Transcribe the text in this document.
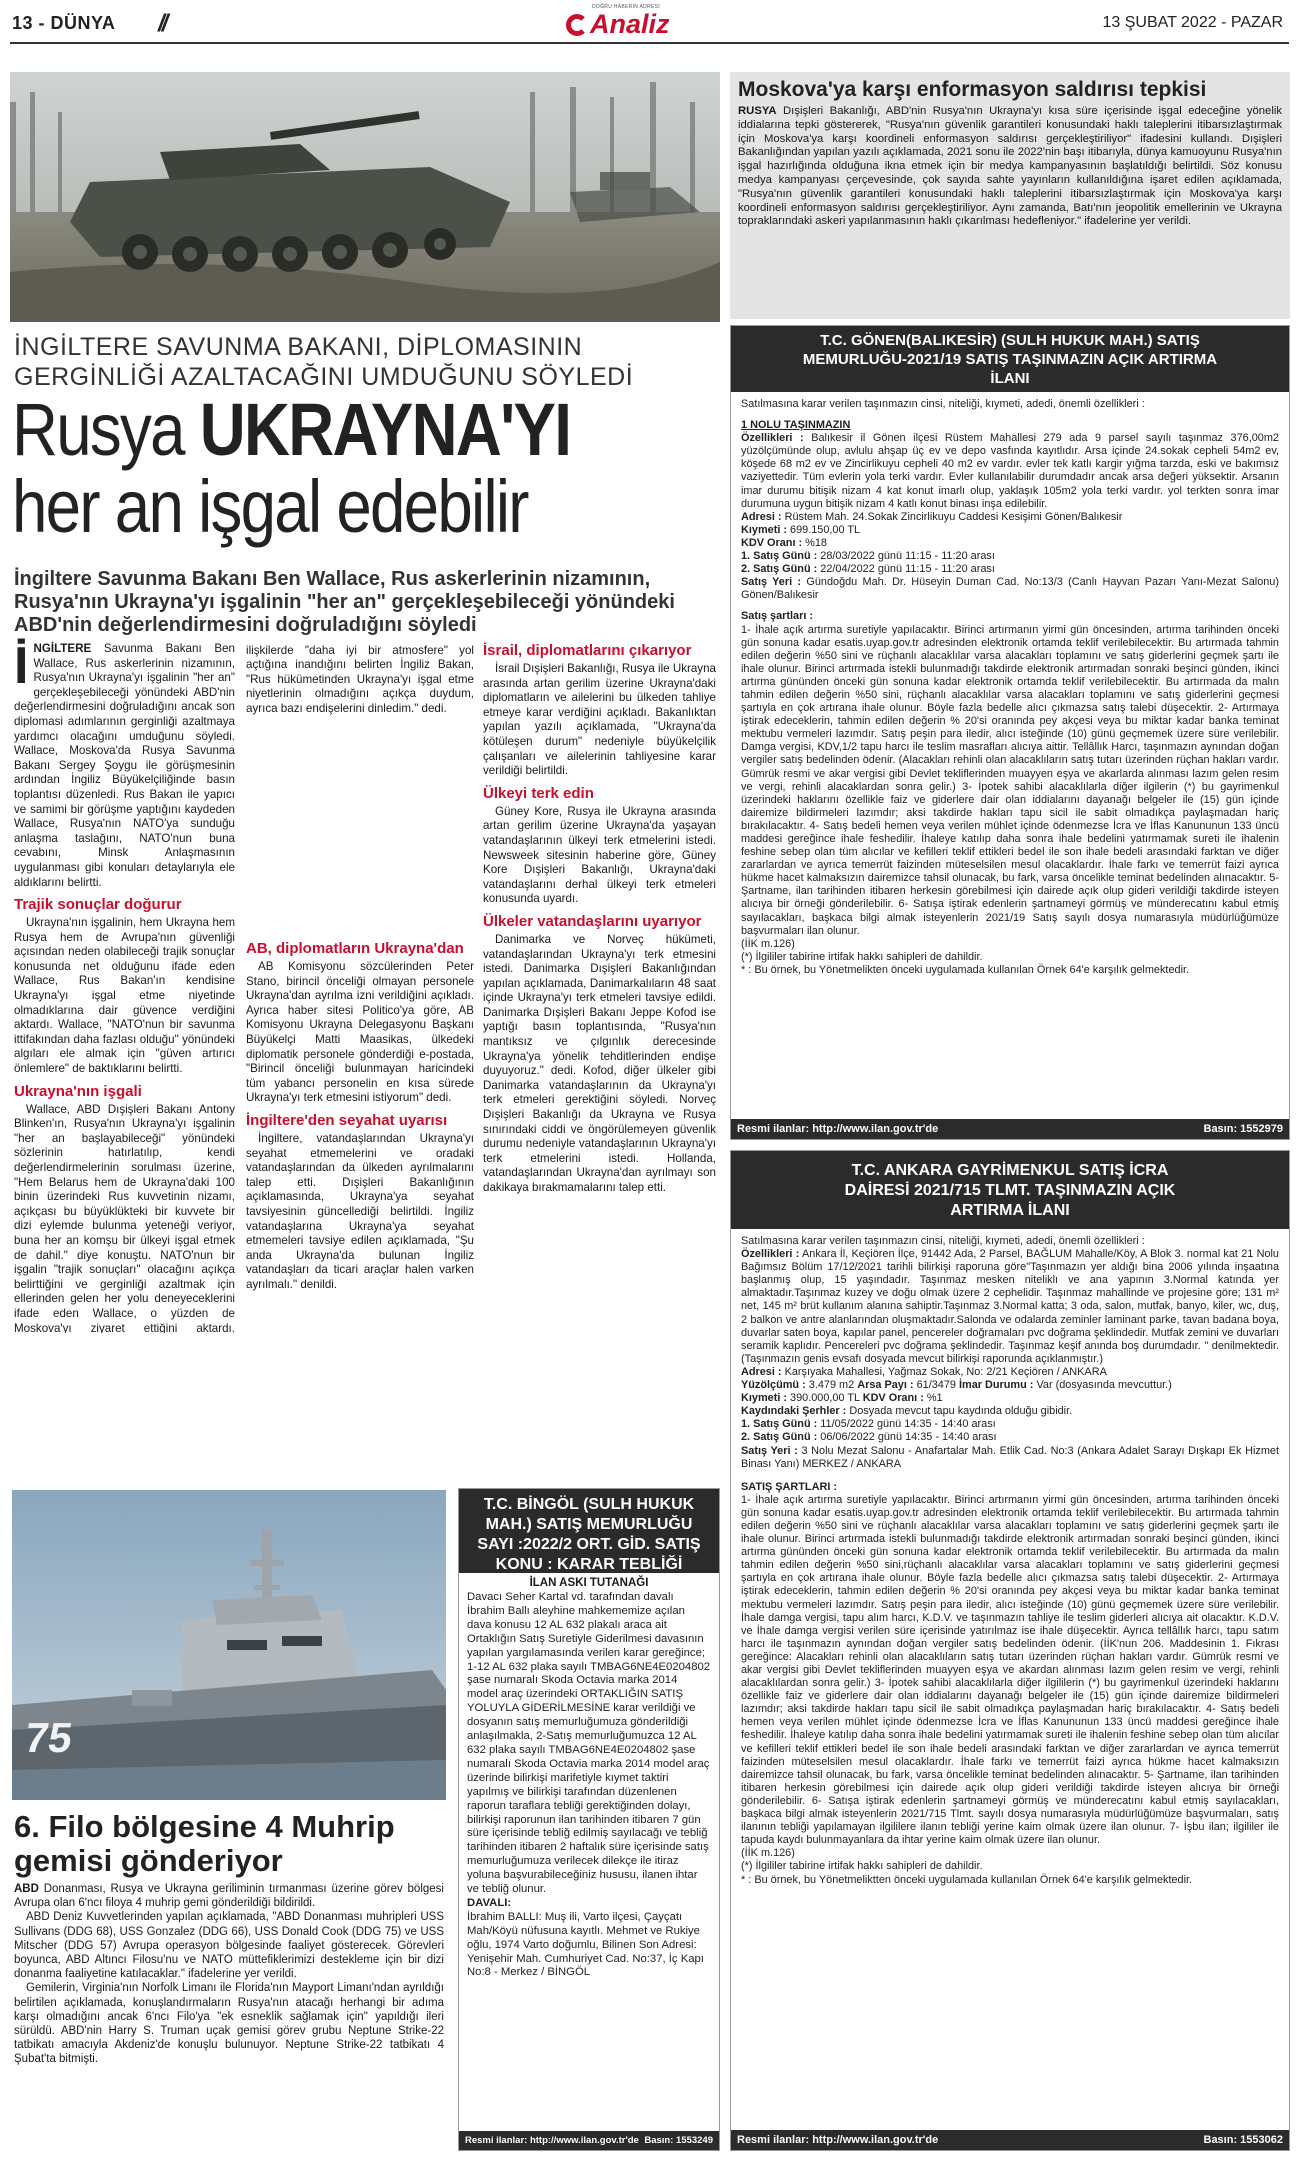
13 - DÜNYA //
DOĞRU HABERİN ADRESİ
Analiz	13 ŞUBAT 2022 - PAZAR
Moskova'ya karşı enformasyon saldırısı tepkisi

RUSYA Dışişleri Bakanlığı, ABD'nin Rusya'nın Ukrayna'yı kısa süre içerisinde işgal edeceğine yönelik iddialarına tepki göstererek, "Rusya'nın güvenlik garantileri konusundaki haklı taleplerini itibarsızlaştırmak için Moskova'ya karşı koordineli enformasyon saldırısı gerçekleştiriliyor" ifadesini kullandı. Dışişleri Bakanlığından yapılan yazılı açıklamada, 2021 sonu ile 2022'nin başı itibarıyla, dünya kamuoyunu Rusya'nın işgal hazırlığında olduğuna ikna etmek için bir medya kampanyasının başlatıldığı belirtildi. Söz konusu medya kampanyası çerçevesinde, çok sayıda sahte yayınların kullanıldığına işaret edilen açıklamada, "Rusya'nın güvenlik garantileri konusundaki haklı taleplerini itibarsızlaştırmak için Moskova'ya karşı koordineli enformasyon saldırısı gerçekleştiriliyor. Aynı zamanda, Batı'nın jeopolitik emellerinin ve Ukrayna topraklarındaki askeri yapılanmasının haklı çıkarılması hedefleniyor." ifadelerine yer verildi.

İNGİLTERE SAVUNMA BAKANI, DİPLOMASININ GERGİNLİĞİ AZALTACAĞINI UMDUĞUNU SÖYLEDİ
Rusya UKRAYNA'YI
her an işgal edebilir
İngiltere Savunma Bakanı Ben Wallace, Rus askerlerinin nizamının, Rusya'nın Ukrayna'yı işgalinin "her an" gerçekleşebileceği yönündeki ABD'nin değerlendirmesini doğruladığını söyledi

İNGİLTERE Savunma Bakanı Ben Wallace, Rus askerlerinin nizamının, Rusya'nın Ukrayna'yı işgalinin "her an" gerçekleşebileceği yönündeki ABD'nin değerlendirmesini doğruladığını ancak son diplomasi adımlarının gerginliği azaltmaya yardımcı olacağını umduğunu söyledi. Wallace, Moskova'da Rusya Savunma Bakanı Sergey Şoygu ile görüşmesinin ardından İngiliz Büyükelçiliğinde basın toplantısı düzenledi. Rus Bakan ile yapıcı ve samimi bir görüşme yaptığını kaydeden Wallace, Rusya'nın NATO'ya sunduğu anlaşma taslağını, NATO'nun buna cevabını, Minsk Anlaşmasının uygulanması gibi konuları detaylarıyla ele aldıklarını belirtti.

Trajik sonuçlar doğurur

Ukrayna'nın işgalinin, hem Ukrayna hem Rusya hem de Avrupa'nın güvenliği açısından neden olabileceği trajik sonuçlar konusunda net olduğunu ifade eden Wallace, Rus Bakan'ın kendisine Ukrayna'yı işgal etme niyetinde olmadıklarına dair güvence verdiğini aktardı. Wallace, "NATO'nun bir savunma ittifakından daha fazlası olduğu" yönündeki algıları ele almak için "güven artırıcı önlemlere" de baktıklarını belirtti.

Ukrayna'nın işgali

Wallace, ABD Dışişleri Bakanı Antony Blinken'ın, Rusya'nın Ukrayna'yı işgalinin "her an başlayabileceği" yönündeki sözlerinin hatırlatılıp, kendi değerlendirmelerinin sorulması üzerine, "Hem Belarus hem de Ukrayna'daki 100 binin üzerindeki Rus kuvvetinin nizamı, açıkçası bu büyüklükteki bir kuvvete bir dizi eylemde bulunma yeteneği veriyor, buna her an komşu bir ülkeyi işgal etmek de dahil." diye konuştu. NATO'nun bir işgalin "trajik sonuçları" olacağını açıkça belirttiğini ve gerginliği azaltmak için ellerinden gelen her yolu deneyeceklerini ifade eden Wallace, o yüzden de Moskova'yı ziyaret ettiğini aktardı.

ilişkilerde "daha iyi bir atmosfere" yol açtığına inandığını belirten İngiliz Bakan, "Rus hükümetinden Ukrayna'yı işgal etme niyetlerinin olmadığını açıkça duydum, ayrıca bazı endişelerini dinledim." dedi.

AB, diplomatların Ukrayna'dan

AB Komisyonu sözcülerinden Peter Stano, birincil önceliği olmayan personele Ukrayna'dan ayrılma izni verildiğini açıkladı. Ayrıca haber sitesi Politico'ya göre, AB Komisyonu Ukrayna Delegasyonu Başkanı Büyükelçi Matti Maasikas, ülkedeki diplomatik personele gönderdiği e-postada, "Birincil önceliği bulunmayan haricindeki tüm yabancı personelin en kısa sürede Ukrayna'yı terk etmesini istiyorum" dedi.

İngiltere'den seyahat uyarısı

İngiltere, vatandaşlarından Ukrayna'yı seyahat etmemelerini ve oradaki vatandaşlarından da ülkeden ayrılmalarını talep etti. Dışişleri Bakanlığının açıklamasında, Ukrayna'ya seyahat tavsiyesinin güncellediği belirtildi. İngiliz vatandaşlarına Ukrayna'ya seyahat etmemeleri tavsiye edilen açıklamada, "Şu anda Ukrayna'da bulunan İngiliz vatandaşları da ticari araçlar halen varken ayrılmalı." denildi.

İsrail, diplomatlarını çıkarıyor

İsrail Dışişleri Bakanlığı, Rusya ile Ukrayna arasında artan gerilim üzerine Ukrayna'daki diplomatların ve ailelerini bu ülkeden tahliye etmeye karar verdiğini açıkladı. Bakanlıktan yapılan yazılı açıklamada, "Ukrayna'da kötüleşen durum" nedeniyle büyükelçilik çalışanları ve ailelerinin tahliyesine karar verildiği belirtildi.

Ülkeyi terk edin

Güney Kore, Rusya ile Ukrayna arasında artan gerilim üzerine Ukrayna'da yaşayan vatandaşlarının ülkeyi terk etmelerini istedi. Newsweek sitesinin haberine göre, Güney Kore Dışişleri Bakanlığı, Ukrayna'daki vatandaşlarını derhal ülkeyi terk etmeleri konusunda uyardı.

Ülkeler vatandaşlarını uyarıyor

Danimarka ve Norveç hükümeti, vatandaşlarından Ukrayna'yı terk etmesini istedi. Danimarka Dışişleri Bakanlığından yapılan açıklamada, Danimarkalıların 48 saat içinde Ukrayna'yı terk etmeleri tavsiye edildi. Danimarka Dışişleri Bakanı Jeppe Kofod ise yaptığı basın toplantısında, "Rusya'nın mantıksız ve çılgınlık derecesinde Ukrayna'ya yönelik tehditlerinden endişe duyuyoruz." dedi. Kofod, diğer ülkeler gibi Danimarka vatandaşlarının da Ukrayna'yı terk etmeleri gerektiğini söyledi. Norveç Dışişleri Bakanlığı da Ukrayna ve Rusya sınırındaki ciddi ve öngörülemeyen güvenlik durumu nedeniyle vatandaşlarının Ukrayna'yı terk etmelerini istedi. Hollanda, vatandaşlarından Ukrayna'dan ayrılmayı son dakikaya bırakmamalarını talep etti.

75
6. Filo bölgesine 4 Muhrip gemisi gönderiyor

ABD Donanması, Rusya ve Ukrayna geriliminin tırmanması üzerine görev bölgesi Avrupa olan 6'ncı filoya 4 muhrip gemi gönderildiği bildirildi.

ABD Deniz Kuvvetlerinden yapılan açıklamada, "ABD Donanması muhripleri USS Sullivans (DDG 68), USS Gonzalez (DDG 66), USS Donald Cook (DDG 75) ve USS Mitscher (DDG 57) Avrupa operasyon bölgesinde faaliyet gösterecek. Görevleri boyunca, ABD Altıncı Filosu'nu ve NATO müttefiklerimizi destekleme için bir dizi donanma faaliyetine katılacaklar." ifadelerine yer verildi.

Gemilerin, Virginia'nın Norfolk Limanı ile Florida'nın Mayport Limanı'ndan ayrıldığı belirtilen açıklamada, konuşlandırmaların Rusya'nın atacağı herhangi bir adıma karşı olmadığını ancak 6'ncı Filo'ya "ek esneklik sağlamak için" yapıldığı ileri sürüldü. ABD'nin Harry S. Truman uçak gemisi görev grubu Neptune Strike-22 tatbikatı amacıyla Akdeniz'de konuşlu bulunuyor. Neptune Strike-22 tatbikatı 4 Şubat'ta bitmişti.

T.C. BİNGÖL (SULH HUKUK MAH.) SATIŞ MEMURLUĞU SAYI :2022/2 ORT. GİD. SATIŞ KONU : KARAR TEBLİĞİ
İLAN ASKI TUTANAĞI
Davacı Seher Kartal vd. tarafından davalı İbrahim Ballı aleyhine mahkememize açılan dava konusu 12 AL 632 plakalı araca ait Ortaklığın Satış Suretiyle Giderilmesi davasının yapılan yargılamasında verilen karar gereğince; 1-12 AL 632 plaka sayılı TMBAG6NE4E0204802 şase numaralı Skoda Octavia marka 2014 model araç üzerindeki ORTAKLIĞIN SATIŞ YOLUYLA GİDERİLMESİNE karar verildiği ve dosyanın satış memurluğumuza gönderildiği anlaşılmakla, 2-Satış memurluğumuzca 12 AL 632 plaka sayılı TMBAG6NE4E0204802 şase numaralı Skoda Octavia marka 2014 model araç üzerinde bilirkişi marifetiyle kıymet taktiri yapılmış ve bilirkişi tarafından düzenlenen raporun taraflara tebliği gerektiğinden dolayı, bilirkişi raporunun ilan tarihinden itibaren 7 gün süre içerisinde tebliğ edilmiş sayılacağı ve tebliğ tarihinden itibaren 2 haftalık süre içerisinde satış memurluğumuza verilecek dilekçe ile itiraz yoluna başvurabileceğiniz hususu, ilanen ihtar ve tebliğ olunur.
DAVALI:
İbrahim BALLI: Muş ili, Varto ilçesi, Çayçatı Mah/Köyü nüfusuna kayıtlı. Mehmet ve Rukiye oğlu, 1974 Varto doğumlu, Bilinen Son Adresi: Yenişehir Mah. Cumhuriyet Cad. No:37, İç Kapı No:8 - Merkez / BİNGÖL
Resmi ilanlar: http://www.ilan.gov.tr'de Basın: 1553249
T.C. GÖNEN(BALIKESİR) (SULH HUKUK MAH.) SATIŞ MEMURLUĞU-2021/19 SATIŞ TAŞINMAZIN AÇIK ARTIRMA İLANI
Satılmasına karar verilen taşınmazın cinsi, niteliği, kıymeti, adedi, önemli özellikleri :
1 NOLU TAŞINMAZIN
Özellikleri : Balıkesir il Gönen ilçesi Rüstem Mahallesi 279 ada 9 parsel sayılı taşınmaz 376,00m2 yüzölçümünde olup, avlulu ahşap üç ev ve depo vasfında kayıtlıdır. Arsa içinde 24.sokak cepheli 54m2 ev, köşede 68 m2 ev ve Zincirlikuyu cepheli 40 m2 ev vardır. evler tek katlı kargir yığma tarzda, eski ve bakımsız vaziyettedir. Tüm evlerin yola terki vardır. Evler kullanılabilir durumdadır ancak arsa değeri yüksektir. Arsanın imar durumu bitişik nizam 4 kat konut imarlı olup, yaklaşık 105m2 yola terki vardır. yol terkten sonra imar durumuna uygun bitişik nizam 4 katlı konut binası inşa edilebilir.
Adresi : Rüstem Mah. 24.Sokak Zincirlikuyu Caddesi Kesişimi Gönen/Balıkesir
Kıymeti : 699.150,00 TL
KDV Oranı : %18
1. Satış Günü : 28/03/2022 günü 11:15 - 11:20 arası
2. Satış Günü : 22/04/2022 günü 11:15 - 11:20 arası
Satış Yeri : Gündoğdu Mah. Dr. Hüseyin Duman Cad. No:13/3 (Canlı Hayvan Pazarı Yanı-Mezat Salonu) Gönen/Balıkesir
Satış şartları :
1- İhale açık artırma suretiyle yapılacaktır. Birinci artırmanın yirmi gün öncesinden, artırma tarihinden önceki gün sonuna kadar esatis.uyap.gov.tr adresinden elektronik ortamda teklif verilebilecektir. Bu artırmada tahmin edilen değerin %50 sini ve rüçhanlı alacaklılar varsa alacakları toplamını ve satış giderlerini geçmek şartı ile ihale olunur. Birinci artırmada istekli bulunmadığı takdirde elektronik artırmadan sonraki beşinci günden, ikinci artırma gününden önceki gün sonuna kadar elektronik ortamda teklif verilebilecektir. Bu artırmada da malın tahmin edilen değerin %50 sini, rüçhanlı alacaklılar varsa alacakları toplamını ve satış giderlerini geçmesi şartıyla en çok artırana ihale olunur. Böyle fazla bedelle alıcı çıkmazsa satış talebi düşecektir. 2- Artırmaya iştirak edeceklerin, tahmin edilen değerin % 20'si oranında pey akçesi veya bu miktar kadar banka teminat mektubu vermeleri lazımdır. Satış peşin para iledir, alıcı isteğinde (10) günü geçmemek üzere süre verilebilir. Damga vergisi, KDV,1/2 tapu harcı ile teslim masrafları alıcıya aittir. Tellâllık Harcı, taşınmazın aynından doğan vergiler satış bedelinden ödenir. (Alacakları rehinli olan alacaklıların satış tutarı üzerinden rüçhan hakları vardır. Gümrük resmi ve akar vergisi gibi Devlet tekliflerinden muayyen eşya ve akarlarda alınması lazım gelen resim ve vergi, rehinli alacaklardan sonra gelir.) 3- İpotek sahibi alacaklılarla diğer ilgilerin (*) bu gayrimenkul üzerindeki haklarını özellikle faiz ve giderlere dair olan iddialarını dayanağı belgeler ile (15) gün içinde dairemize bildirmeleri lazımdır; aksi takdirde hakları tapu sicil ile sabit olmadıkça paylaşmadan hariç bırakılacaktır. 4- Satış bedeli hemen veya verilen mühlet içinde ödenmezse İcra ve İflas Kanununun 133 üncü maddesi gereğince ihale feshedilir. İhaleye katılıp daha sonra ihale bedelini yatırmamak sureti ile ihalenin feshine sebep olan tüm alıcılar ve kefilleri teklif ettikleri bedel ile son ihale bedeli arasındaki farktan ve diğer zararlardan ve ayrıca temerrüt faizinden müteselsilen mesul olacaklardır. İhale farkı ve temerrüt faizi ayrıca hükme hacet kalmaksızın dairemizce tahsil olunacak, bu fark, varsa öncelikle teminat bedelinden alınacaktır. 5- Şartname, ilan tarihinden itibaren herkesin görebilmesi için dairede açık olup gideri verildiği takdirde isteyen alıcıya bir örneği gönderilebilir. 6- Satışa iştirak edenlerin şartnameyi görmüş ve münderecatını kabul etmiş sayılacakları, başkaca bilgi almak isteyenlerin 2021/19 Satış sayılı dosya numarasıyla müdürlüğümüze başvurmaları ilan olunur.
(İİK m.126)
(*) İlgililer tabirine irtifak hakkı sahipleri de dahildir.
* : Bu örnek, bu Yönetmelikten önceki uygulamada kullanılan Örnek 64'e karşılık gelmektedir.
Resmi ilanlar: http://www.ilan.gov.tr'de	Basın: 1552979
T.C. ANKARA GAYRİMENKUL SATIŞ İCRA DAİRESİ 2021/715 TLMT. TAŞINMAZIN AÇIK ARTIRMA İLANI
Satılmasına karar verilen taşınmazın cinsi, niteliği, kıymeti, adedi, önemli özellikleri :
Özellikleri : Ankara İl, Keçiören İlçe, 91442 Ada, 2 Parsel, BAĞLUM Mahalle/Köy, A Blok 3. normal kat 21 Nolu Bağımsız Bölüm 17/12/2021 tarihli bilirkişi raporuna göre"Taşınmazın yer aldığı bina 2006 yılında inşaatına başlanmış olup, 15 yaşındadır. Taşınmaz mesken niteliklı ve ana yapının 3.Normal katında yer almaktadır.Taşınmaz kuzey ve doğu olmak üzere 2 cephelidir. Taşınmaz mahallinde ve projesine göre; 131 m² net, 145 m² brüt kullanım alanına sahiptir.Taşınmaz 3.Normal katta; 3 oda, salon, mutfak, banyo, kiler, wc, duş, 2 balkon ve antre alanlarından oluşmaktadır.Salonda ve odalarda zeminler laminant parke, tavan badana boya, duvarlar saten boya, kapılar panel, pencereler doğramaları pvc doğrama şeklindedir. Mutfak zemini ve duvarları seramik kaplıdır. Pencereleri pvc doğrama şeklindedir. Taşınmaz keşif anında boş durumdadır. " denilmektedir. (Taşınmazın genis evsafı dosyada mevcut bilirkişi raporunda açıklanmıştır.)
Adresi : Karşıyaka Mahallesi, Yağmaz Sokak, No: 2/21 Keçiören / ANKARA
Yüzölçümü : 3.479 m2 Arsa Payı : 61/3479 İmar Durumu : Var (dosyasında mevcuttur.)
Kıymeti : 390.000,00 TL KDV Oranı : %1
Kaydındaki Şerhler : Dosyada mevcut tapu kaydında olduğu gibidir.
1. Satış Günü : 11/05/2022 günü 14:35 - 14:40 arası
2. Satış Günü : 06/06/2022 günü 14:35 - 14:40 arası
Satış Yeri : 3 Nolu Mezat Salonu - Anafartalar Mah. Etlik Cad. No:3 (Ankara Adalet Sarayı Dışkapı Ek Hizmet Binası Yanı) MERKEZ / ANKARA
SATIŞ ŞARTLARI :
1- İhale açık artırma suretiyle yapılacaktır. Birinci artırmanın yirmi gün öncesinden, artırma tarihinden önceki gün sonuna kadar esatis.uyap.gov.tr adresinden elektronik ortamda teklif verilebilecektir. Bu artırmada tahmin edilen değerin %50 sini ve rüçhanlı alacaklılar varsa alacakları toplamını ve satış giderlerini geçmek şartı ile ihale olunur. Birinci artırmada istekli bulunmadığı takdirde elektronik artırmadan sonraki beşinci günden, ikinci artırma gününden önceki gün sonuna kadar elektronik ortamda teklif verilebilecektir. Bu artırmada da malın tahmin edilen değerin %50 sini,rüçhanlı alacaklılar varsa alacakları toplamını ve satış giderlerini geçmesi şartıyla en çok artırana ihale olunur. Böyle fazla bedelle alıcı çıkmazsa satış talebi düşecektir. 2- Artırmaya iştirak edeceklerin, tahmin edilen değerin % 20'si oranında pey akçesi veya bu miktar kadar banka teminat mektubu vermeleri lazımdır. Satış peşin para iledir, alıcı isteğinde (10) günü geçmemek üzere süre verilebilir. İhale damga vergisi, tapu alım harcı, K.D.V. ve taşınmazın tahliye ile teslim giderleri alıcıya ait olacaktır. K.D.V. ve İhale damga vergisi verilen süre içerisinde yatırılmaz ise ihale düşecektir. Ayrıca tellâllık harcı, tapu satım harcı ile taşınmazın aynından doğan vergiler satış bedelinden ödenir. (İİK'nun 206. Maddesinin 1. Fıkrası gereğince: Alacakları rehinli olan alacaklıların satış tutarı üzerinden rüçhan hakları vardır. Gümrük resmi ve akar vergisi gibi Devlet tekliflerinden muayyen eşya ve akardan alınması lazım gelen resim ve vergi, rehinli alacaklılardan sonra gelir.) 3- İpotek sahibi alacaklılarla diğer ilgililerin (*) bu gayrimenkul üzerindeki haklarını özellikle faiz ve giderlere dair olan iddialarını dayanağı belgeler ile (15) gün içinde dairemize bildirmeleri lazımdır; aksi takdirde hakları tapu sicil ile sabit olmadıkça paylaşmadan hariç bırakılacaktır. 4- Satış bedeli hemen veya verilen mühlet içinde ödenmezse İcra ve İflas Kanununun 133 üncü maddesi gereğince ihale feshedilir. İhaleye katılıp daha sonra ihale bedelini yatırmamak sureti ile ihalenin feshine sebep olan tüm alıcılar ve kefilleri teklif ettikleri bedel ile son ihale bedeli arasındaki farktan ve diğer zararlardan ve ayrıca temerrüt faizinden müteselsilen mesul olacaklardır. İhale farkı ve temerrüt faizi ayrıca hükme hacet kalmaksızın dairemizce tahsil olunacak, bu fark, varsa öncelikle teminat bedelinden alınacaktır. 5- Şartname, ilan tarihinden itibaren herkesin görebilmesi için dairede açık olup gideri verildiği takdirde isteyen alıcıya bir örneği gönderilebilir. 6- Satışa iştirak edenlerin şartnameyi görmüş ve münderecatını kabul etmiş sayılacakları, başkaca bilgi almak isteyenlerin 2021/715 Tlmt. sayılı dosya numarasıyla müdürlüğümüze başvurmaları, satış ilanının tebliği yapılamayan ilgililere ilanın tebliği yerine kaim olmak üzere ilan olunur. 7- İşbu ilan; ilgililer ile tapuda kaydı bulunmayanlara da ihtar yerine kaim olmak üzere ilan olunur.
(İİK m.126)
(*) İlgililer tabirine irtifak hakkı sahipleri de dahildir.
* : Bu örnek, bu Yönetmeliktten önceki uygulamada kullanılan Örnek 64'e karşılık gelmektedir.
Resmi ilanlar: http://www.ilan.gov.tr'de	Basın: 1553062
